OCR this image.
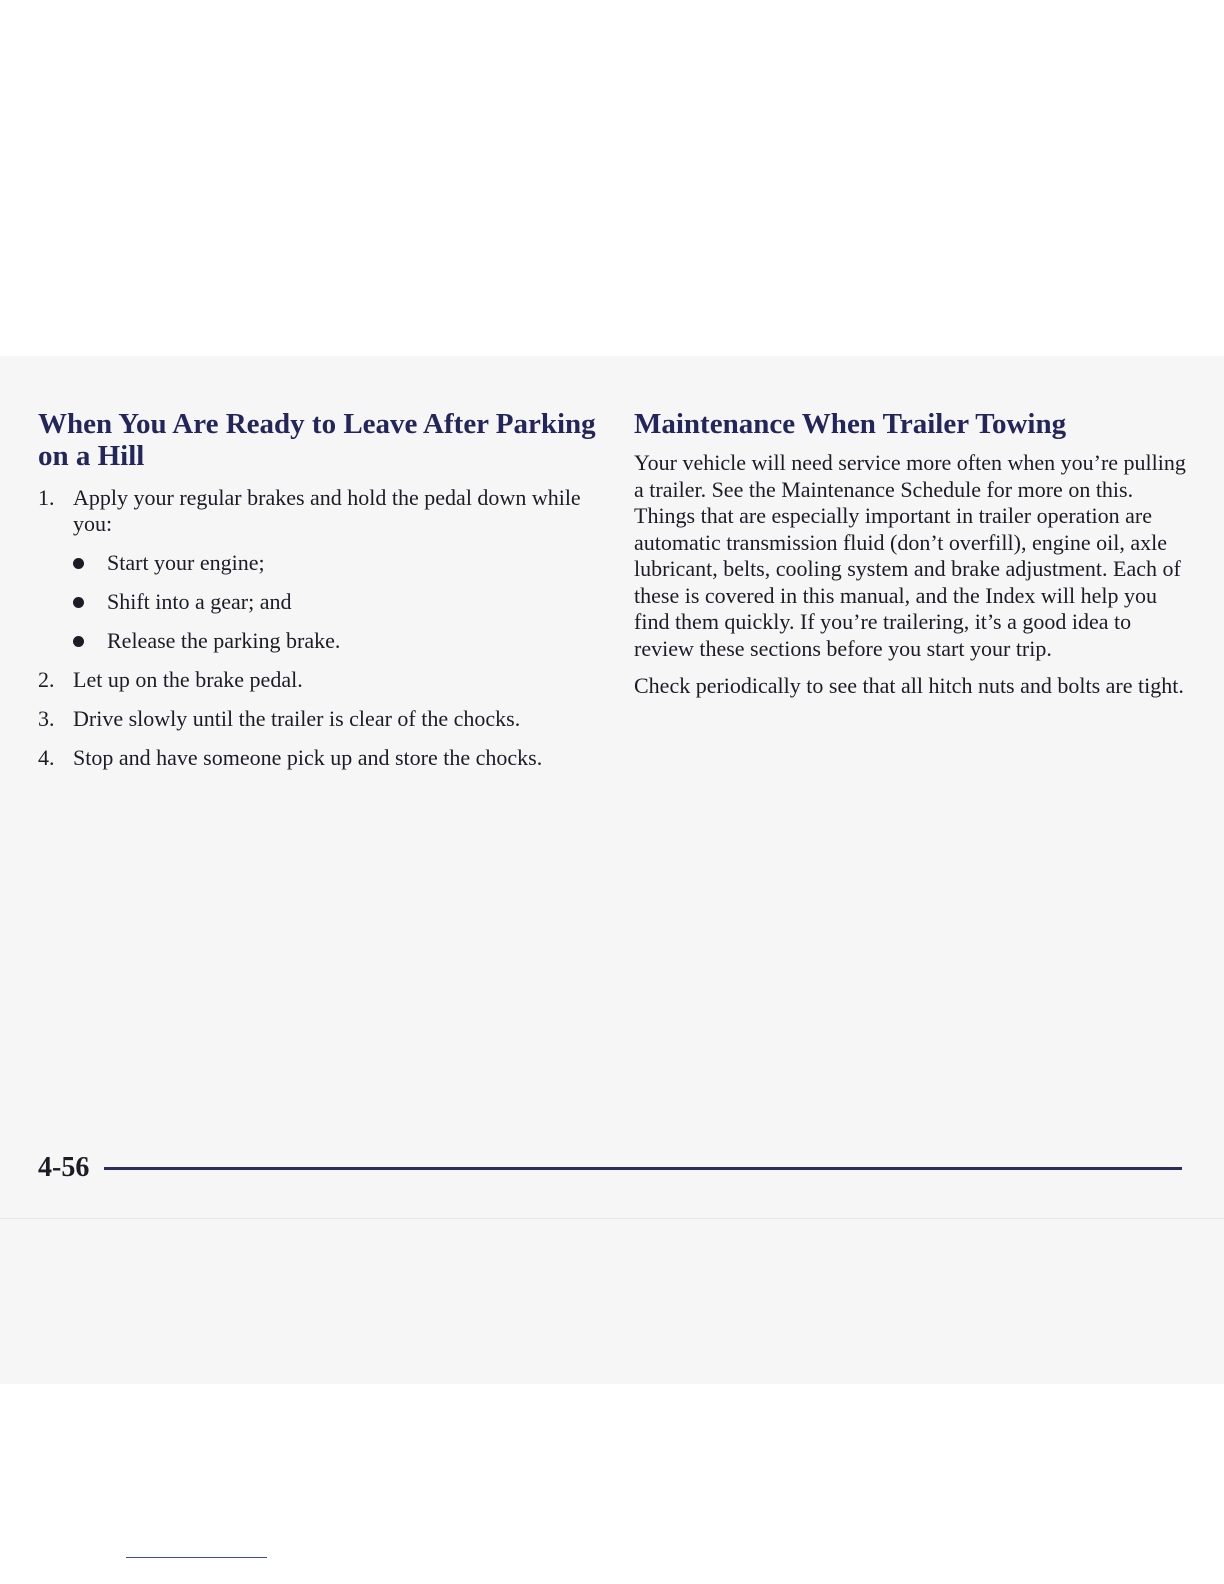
When You Are Ready to Leave After Parking on a Hill
1. Apply your regular brakes and hold the pedal down while you:
Start your engine;
Shift into a gear; and
Release the parking brake.
2. Let up on the brake pedal.
3. Drive slowly until the trailer is clear of the chocks.
4. Stop and have someone pick up and store the chocks.
Maintenance When Trailer Towing

Your vehicle will need service more often when you’re pulling a trailer. See the Maintenance Schedule for more on this. Things that are especially important in trailer operation are automatic transmission fluid (don’t overfill), engine oil, axle lubricant, belts, cooling system and brake adjustment. Each of these is covered in this manual, and the Index will help you find them quickly. If you’re trailering, it’s a good idea to review these sections before you start your trip.

Check periodically to see that all hitch nuts and bolts are tight.

4-56
